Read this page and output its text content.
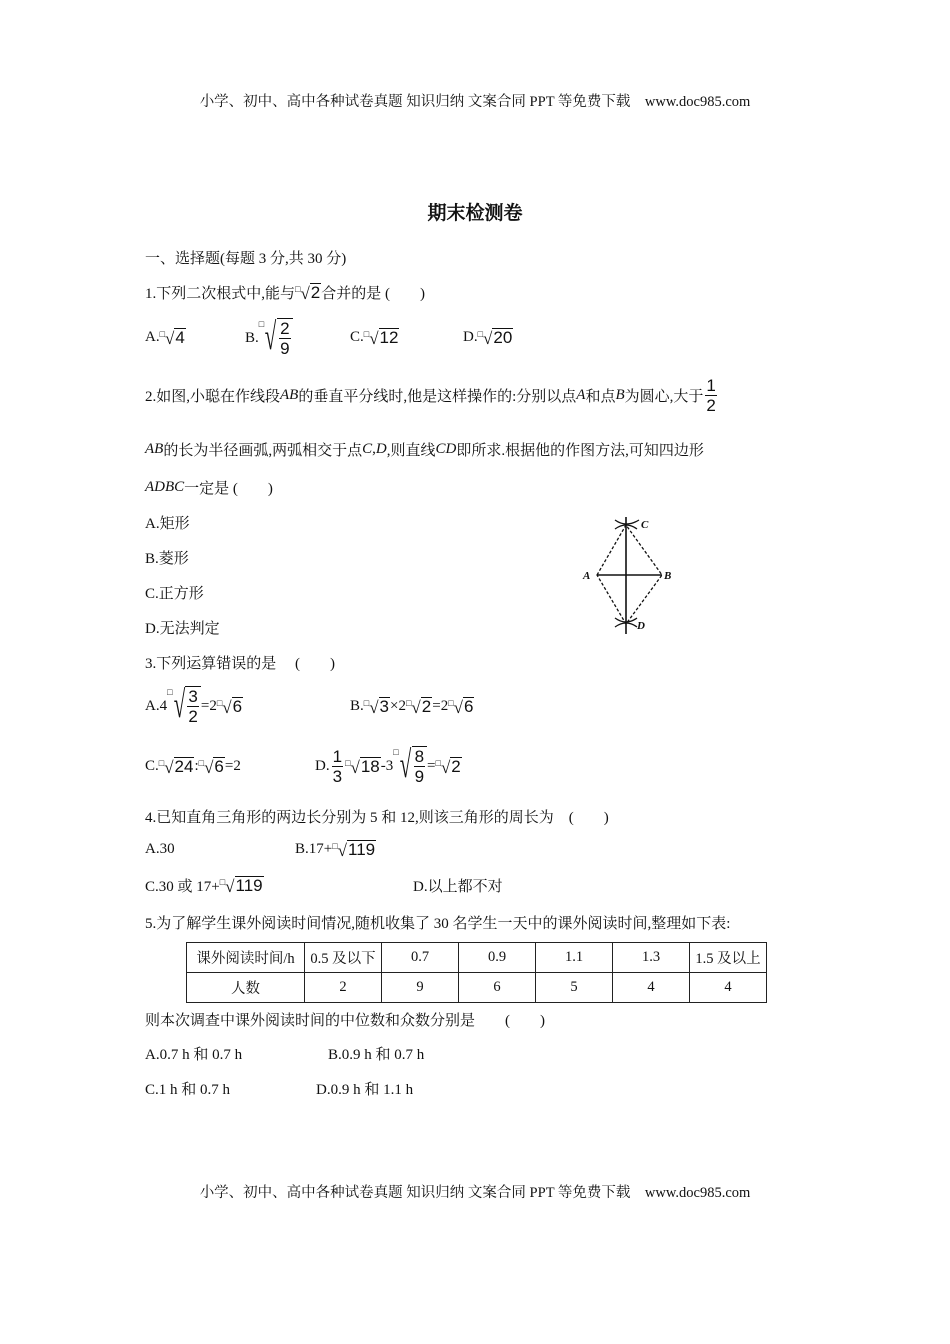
小学、初中、高中各种试卷真题 知识归纳 文案合同 PPT 等免费下载　www.doc985.com
期末检测卷
一、选择题(每题 3 分,共 30 分)
1.下列二次根式中,能与 □ √ 2 合并的是 (　　)
A. □ √ 4	B.
□ √ $\frac{2}{9}$	C. □ √ 12	D. □ √ 20
2.如图,小聪在作线段 AB 的垂直平分线时,他是这样操作的:分别以点 A 和点 B 为圆心,大于 $\frac{1}{2}$
AB 的长为半径画弧,两弧相交于点 C , D ,则直线 CD 即所求.根据他的作图方法,可知四边形
ADBC 一定是 (　　)
A.矩形
B.菱形
C.正方形
D.无法判定
3.下列运算错误的是　 (　　)
A.4
□ √ $\frac{3}{2} =2$ □ √ 6	B. □ √ 3 ×2 □ √ 2 =2 □ √ 6
C. □ √ 24 : □ √ 6 =2	D. $\frac{1}{3}$ □ √ 18 -3
□ √ $\frac{8}{9}$ = □ √ 2
4.已知直角三角形的两边长分别为 5 和 12,则该三角形的周长为　(　　)
A.30	B.17+ □ √ 119
C.30 或 17+ □ √ 119	D.以上都不对
5.为了解学生课外阅读时间情况,随机收集了 30 名学生一天中的课外阅读时间,整理如下表:
则本次调查中课外阅读时间的中位数和众数分别是　　(　　)
A.0.7 h 和 0.7 h	B.0.9 h 和 0.7 h
C.1 h 和 0.7 h	D.0.9 h 和 1.1 h
A	B
C
D
课外阅读时间/h	0.5 及以下	0.7	0.9	1.1	1.3	1.5 及以上
人数	2	9	6	5	4	4
小学、初中、高中各种试卷真题 知识归纳 文案合同 PPT 等免费下载　www.doc985.com
